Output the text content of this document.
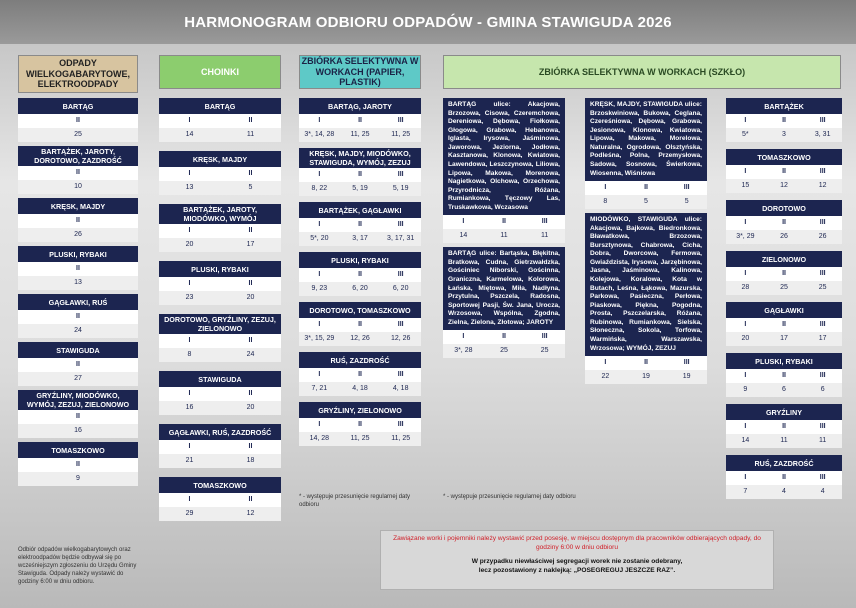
HARMONOGRAM ODBIORU ODPADÓW - GMINA STAWIGUDA 2026
ODPADY WIELKOGABARYTOWE, ELEKTROODPADY
CHOINKI
ZBIÓRKA SELEKTYWNA W WORKACH (PAPIER, PLASTIK)
ZBIÓRKA SELEKTYWNA W WORKACH (SZKŁO)
BARTĄG
II
25
BARTĄŻEK, JAROTY, DOROTOWO, ZAZDROŚĆ
II
10
KRĘSK, MAJDY
II
26
PLUSKI, RYBAKI
II
13
GĄGŁAWKI, RUŚ
II
24
STAWIGUDA
II
27
GRYŹLINY, MIODÓWKO, WYMÓJ, ZEZUJ, ZIELONOWO
II
16
TOMASZKOWO
II
9
BARTĄG
I	II
14	11
KRĘSK, MAJDY
I	II
13	5
BARTĄŻEK, JAROTY, MIODÓWKO, WYMÓJ
I	II
20	17
PLUSKI, RYBAKI
I	II
23	20
DOROTOWO, GRYŹLINY, ZEZUJ, ZIELONOWO
I	II
8	24
STAWIGUDA
I	II
16	20
GĄGŁAWKI, RUŚ, ZAZDROŚĆ
I	II
21	18
TOMASZKOWO
I	II
29	12
BARTĄG, JAROTY
I	II	III
3*, 14, 28	11, 25	11, 25
KRĘSK, MAJDY, MIODÓWKO, STAWIGUDA, WYMÓJ, ZEZUJ
I	II	III
8, 22	5, 19	5, 19
BARTĄŻEK, GĄGŁAWKI
I	II	III
5*, 20	3, 17	3, 17, 31
PLUSKI, RYBAKI
I	II	III
9, 23	6, 20	6, 20
DOROTOWO, TOMASZKOWO
I	II	III
3*, 15, 29	12, 26	12, 26
RUŚ, ZAZDROŚĆ
I	II	III
7, 21	4, 18	4, 18
GRYŹLINY, ZIELONOWO
I	II	III
14, 28	11, 25	11, 25
BARTĄG ulice: Akacjowa, Brzozowa, Cisowa, Czeremchowa, Dereniowa, Dębowa, Fiołkowa, Głogowa, Grabowa, Hebanowa, Iglasta, Irysowa, Jaśminowa, Jaworowa, Jeziorna, Jodłowa, Kasztanowa, Klonowa, Kwiatowa, Lawendowa, Leszczynowa, Liliowa, Lipowa, Makowa, Morenowa, Nagietkowa, Olchowa, Orzechowa, Przyrodnicza, Różana, Rumiankowa, Tęczowy Las, Truskawkowa, Wczasowa
I	II	III
14	11	11
BARTĄG ulice: Bartąska, Błękitna, Bratkowa, Cudna, Gietrzwałdzka, Gościniec Niborski, Gościnna, Graniczna, Karmelowa, Kolorowa, Łańska, Miętowa, Miła, Nadłyna, Przytulna, Pszczela, Radosna, Sportowej Pasji, Św. Jana, Urocza, Wrzosowa, Wspólna, Zgodna, Zielna, Zielona, Złotowa; JAROTY
I	II	III
3*, 28	25	25
KRĘSK, MAJDY, STAWIGUDA ulice: Brzoskwiniowa, Bukowa, Ceglana, Czereśniowa, Dębowa, Grabowa, Jesionowa, Klonowa, Kwiatowa, Lipowa, Makowa, Morelowa, Naturalna, Ogrodowa, Olsztyńska, Podleśna, Polna, Przemysłowa, Sadowa, Sosnowa, Świerkowa, Wiosenna, Wiśniowa
I	II	III
8	5	5
MIODÓWKO, STAWIGUDA ulice: Akacjowa, Bajkowa, Biedronkowa, Bławatkowa, Brzozowa, Bursztynowa, Chabrowa, Cicha, Dobra, Dworcowa, Fermowa, Gwiaździsta, Irysowa, Jarzębinowa, Jasna, Jaśminowa, Kalinowa, Kolejowa, Koralowa, Kota w Butach, Leśna, Łąkowa, Mazurska, Parkowa, Pasieczna, Perłowa, Piaskowa, Piękna, Pogodna, Prosta, Pszczelarska, Różana, Rubinowa, Rumiankowa, Sielska, Słoneczna, Sokola, Torfowa, Warmińska, Warszawska, Wrzosowa; WYMÓJ, ZEZUJ
I	II	III
22	19	19
BARTĄŻEK
I	II	III
5*	3	3, 31
TOMASZKOWO
I	II	III
15	12	12
DOROTOWO
I	II	III
3*, 29	26	26
ZIELONOWO
I	II	III
28	25	25
GĄGŁAWKI
I	II	III
20	17	17
PLUSKI, RYBAKI
I	II	III
9	6	6
GRYŹLINY
I	II	III
14	11	11
RUŚ, ZAZDROŚĆ
I	II	III
7	4	4
Odbiór odpadów wielkogabarytowych oraz elektroodpadów będzie odbywał się po wcześniejszym zgłoszeniu do Urzędu Gminy Stawiguda. Odpady należy wystawić do godziny 6:00 w dniu odbioru.
* - występuje przesunięcie regularnej daty odbioru
* - występuje przesunięcie regularnej daty odbioru
Zawiązane worki i pojemniki należy wystawić przed posesję, w miejscu dostępnym dla pracowników odbierających odpady, do godziny 6:00 w dniu odbioru
W przypadku niewłaściwej segregacji worek nie zostanie odebrany,
lecz pozostawiony z naklejką: „POSEGREGUJ JESZCZE RAZ”.
